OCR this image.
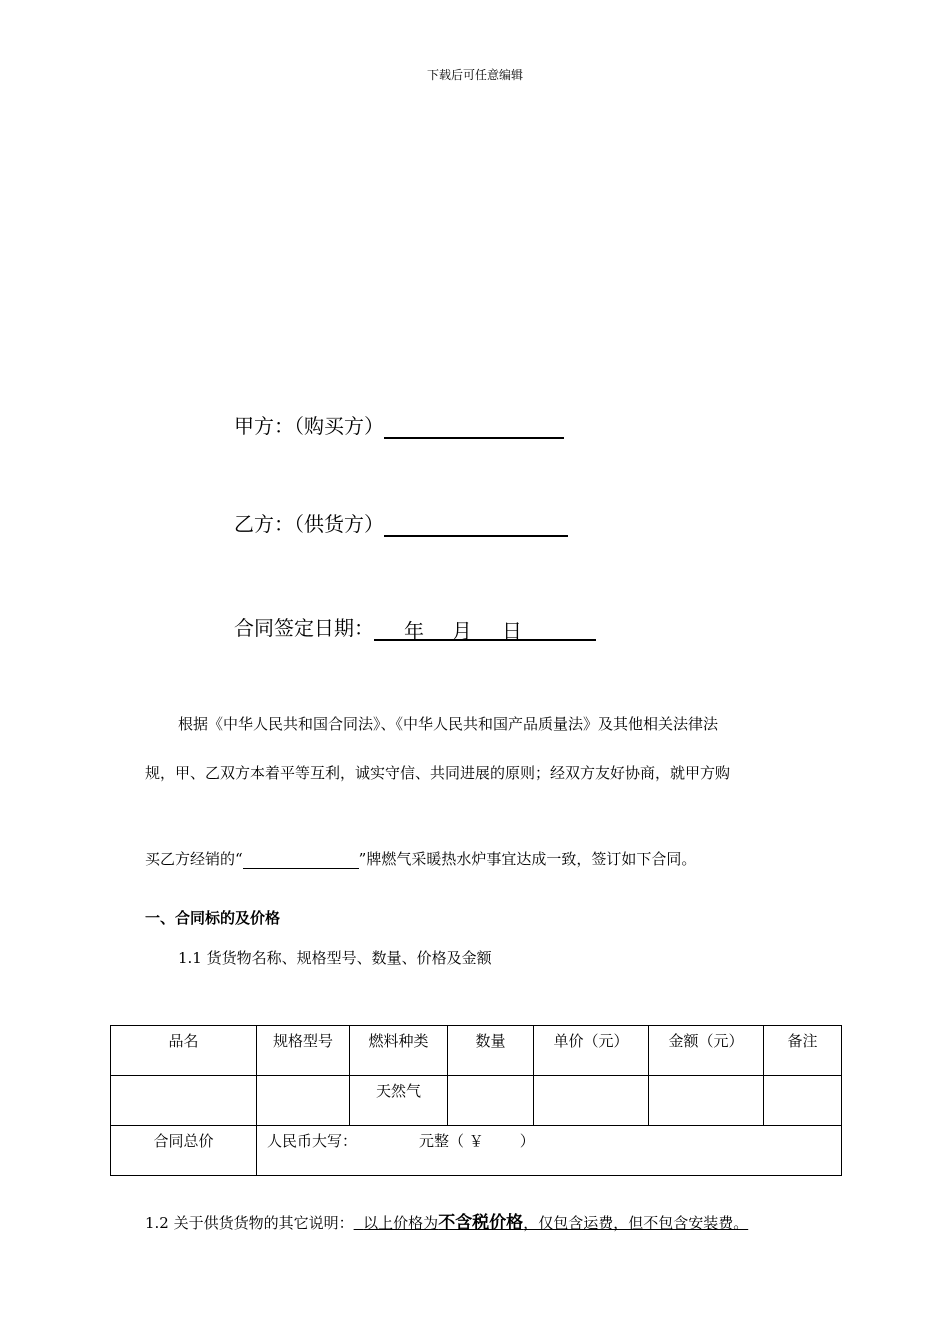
下载后可任意编辑
甲方：（购买方）
乙方：（供货方）
合同签定日期： 年 月 日
根据《中华人民共和国合同法》、《中华人民共和国产品质量法》及其他相关法律法
规，甲、乙双方本着平等互利，诚实守信、共同进展的原则；经双方友好协商，就甲方购
买乙方经销的“	”牌燃气采暖热水炉事宜达成一致，签订如下合同。
一、合同标的及价格
1.1 货货物名称、规格型号、数量、价格及金额
品名	规格型号	燃料种类	数量	单价（元）	金额（元）	备注
		天然气				
合同总价	人民币大写： 元整（ ￥ ）					
1.2 关于供货货物的其它说明： 以上价格为不含税价格，仅包含运费，但不包含安装费。
